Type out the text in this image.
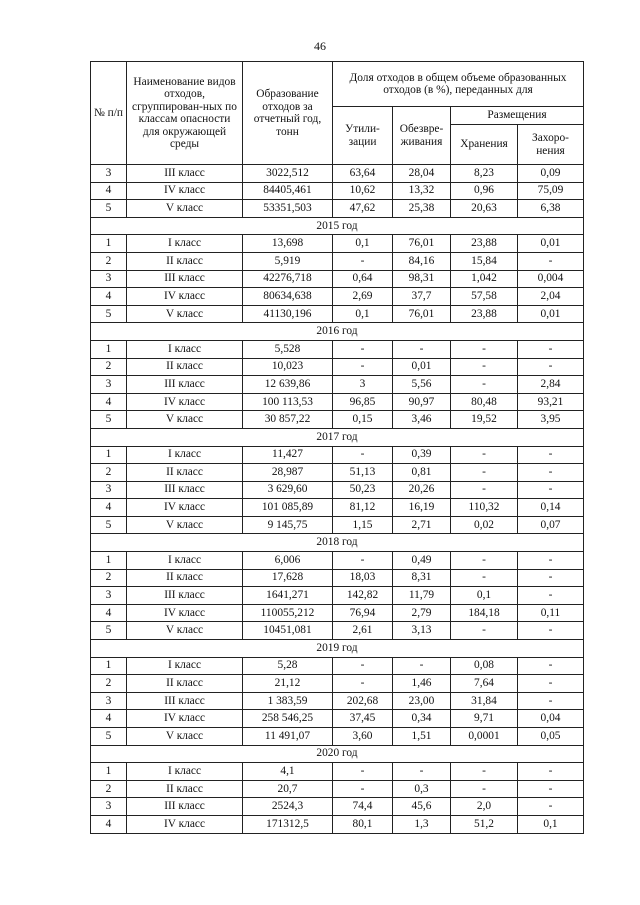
46
№ п/п	Наименование видов отходов, сгруппирован-ных по классам опасности для окружающей среды	Образование отходов за отчетный год, тонн	Доля отходов в общем объеме образованных отходов (в %), переданных для			
			Утили-зации	Обезвре-живания	Размещения	
					Хранения	Захоро-нения
3	III класс	3022,512	63,64	28,04	8,23	0,09
4	IV класс	84405,461	10,62	13,32	0,96	75,09
5	V класс	53351,503	47,62	25,38	20,63	6,38
2015 год						
1	I класс	13,698	0,1	76,01	23,88	0,01
2	II класс	5,919	-	84,16	15,84	-
3	III класс	42276,718	0,64	98,31	1,042	0,004
4	IV класс	80634,638	2,69	37,7	57,58	2,04
5	V класс	41130,196	0,1	76,01	23,88	0,01
2016 год						
1	I класс	5,528	-	-	-	-
2	II класс	10,023	-	0,01	-	-
3	III класс	12 639,86	3	5,56	-	2,84
4	IV класс	100 113,53	96,85	90,97	80,48	93,21
5	V класс	30 857,22	0,15	3,46	19,52	3,95
2017 год						
1	I класс	11,427	-	0,39	-	-
2	II класс	28,987	51,13	0,81	-	-
3	III класс	3 629,60	50,23	20,26	-	-
4	IV класс	101 085,89	81,12	16,19	110,32	0,14
5	V класс	9 145,75	1,15	2,71	0,02	0,07
2018 год						
1	I класс	6,006	-	0,49	-	-
2	II класс	17,628	18,03	8,31	-	-
3	III класс	1641,271	142,82	11,79	0,1	-
4	IV класс	110055,212	76,94	2,79	184,18	0,11
5	V класс	10451,081	2,61	3,13	-	-
2019 год						
1	I класс	5,28	-	-	0,08	-
2	II класс	21,12	-	1,46	7,64	-
3	III класс	1 383,59	202,68	23,00	31,84	-
4	IV класс	258 546,25	37,45	0,34	9,71	0,04
5	V класс	11 491,07	3,60	1,51	0,0001	0,05
2020 год						
1	I класс	4,1	-	-	-	-
2	II класс	20,7	-	0,3	-	-
3	III класс	2524,3	74,4	45,6	2,0	-
4	IV класс	171312,5	80,1	1,3	51,2	0,1
